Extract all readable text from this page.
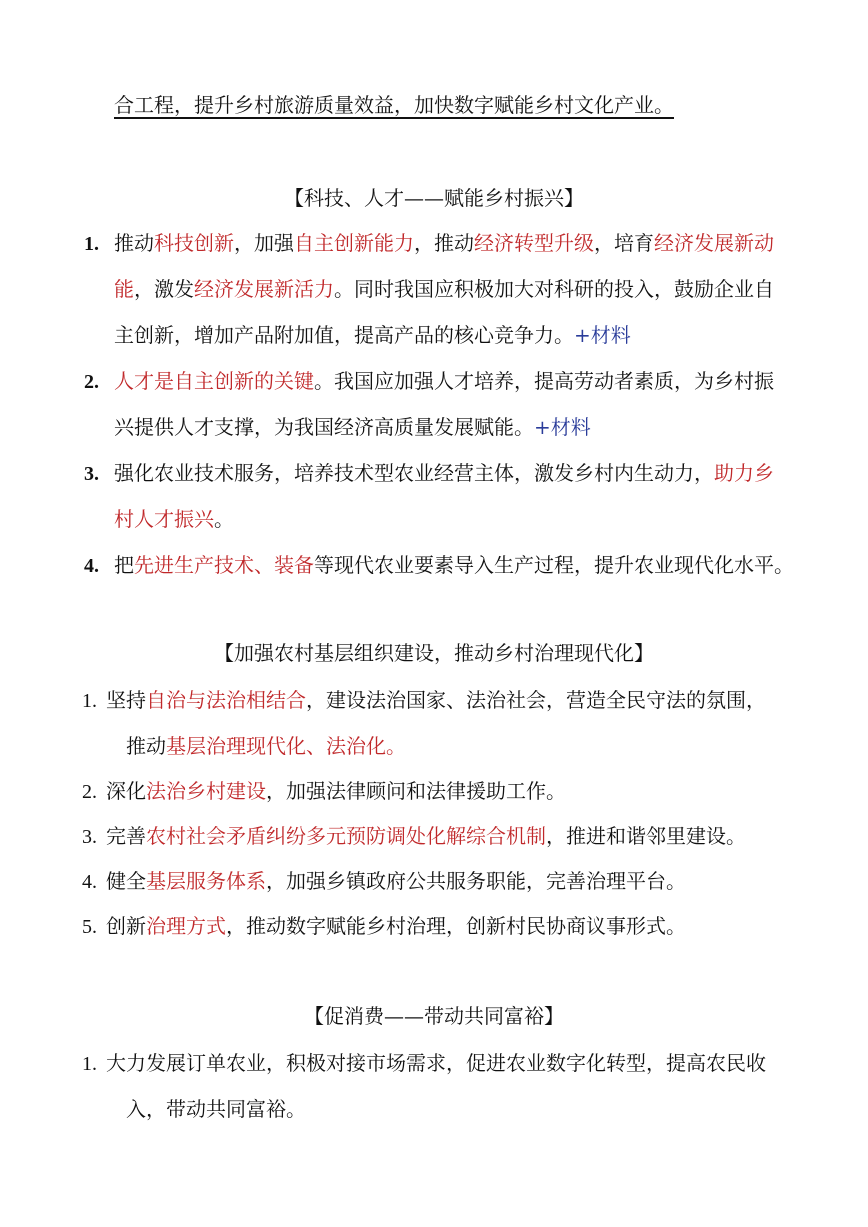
合工程，提升乡村旅游质量效益，加快数字赋能乡村文化产业。
【科技、人才——赋能乡村振兴】
1. 推动科技创新，加强自主创新能力，推动经济转型升级，培育经济发展新动
能，激发经济发展新活力。同时我国应积极加大对科研的投入，鼓励企业自
主创新，增加产品附加值，提高产品的核心竞争力。+材料
2. 人才是自主创新的关键。我国应加强人才培养，提高劳动者素质，为乡村振
兴提供人才支撑，为我国经济高质量发展赋能。+材料
3. 强化农业技术服务，培养技术型农业经营主体，激发乡村内生动力，助力乡
村人才振兴。
4. 把先进生产技术、装备等现代农业要素导入生产过程，提升农业现代化水平。
【加强农村基层组织建设，推动乡村治理现代化】
1. 坚持自治与法治相结合，建设法治国家、法治社会，营造全民守法的氛围，
推动基层治理现代化、法治化。
2. 深化法治乡村建设，加强法律顾问和法律援助工作。
3. 完善农村社会矛盾纠纷多元预防调处化解综合机制，推进和谐邻里建设。
4. 健全基层服务体系，加强乡镇政府公共服务职能，完善治理平台。
5. 创新治理方式，推动数字赋能乡村治理，创新村民协商议事形式。
【促消费——带动共同富裕】
1. 大力发展订单农业，积极对接市场需求，促进农业数字化转型，提高农民收
入，带动共同富裕。
